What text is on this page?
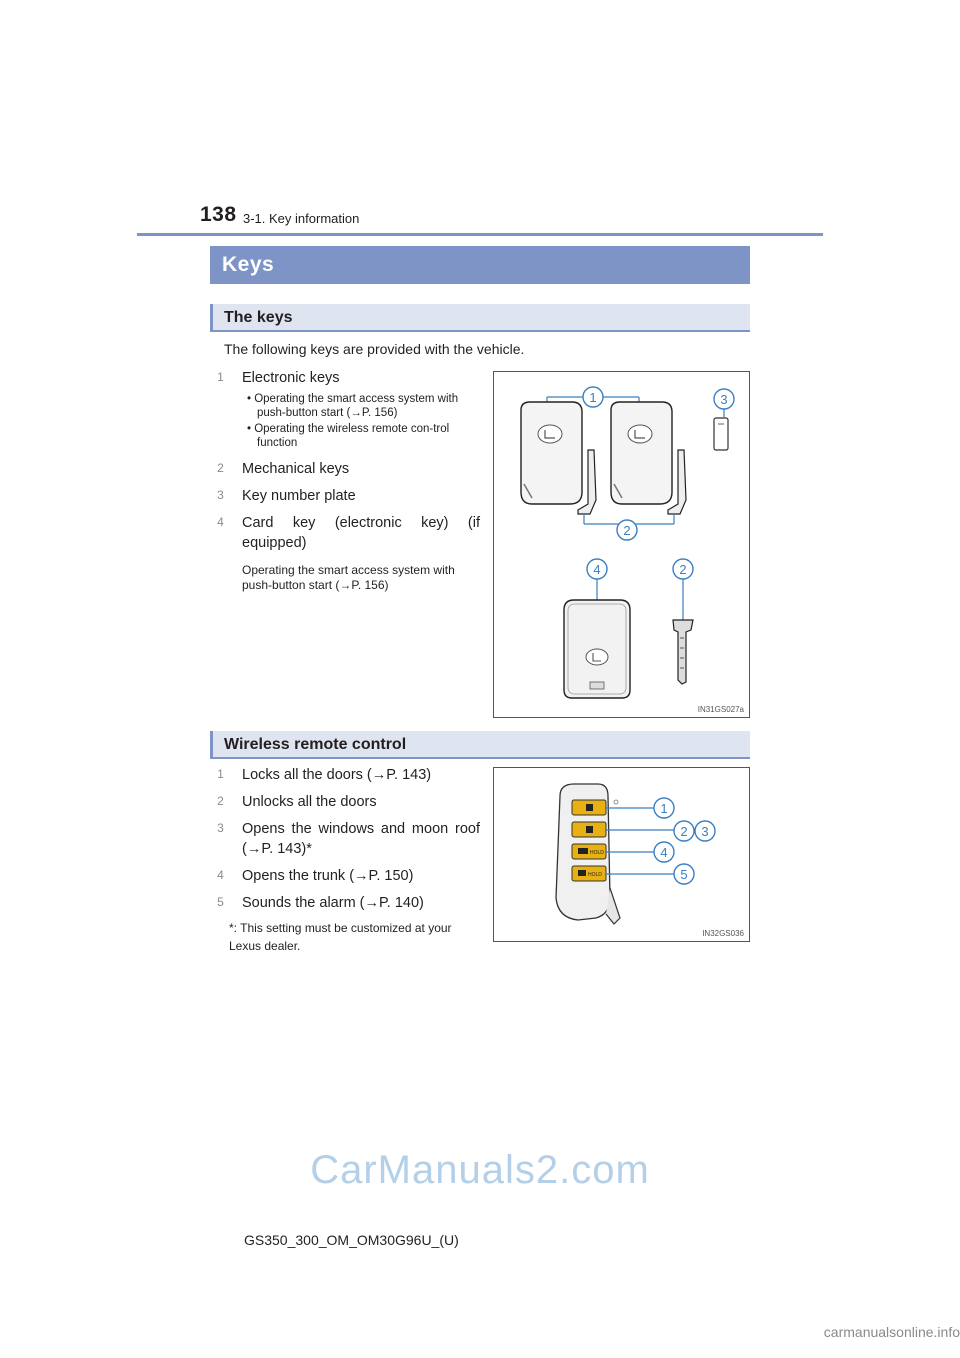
138 3-1. Key information
Keys
The keys
The following keys are provided with the vehicle.
1 Electronic keys
• Operating the smart access system with push-button start (→P. 156)
• Operating the wireless remote con-trol function
2 Mechanical keys
3 Key number plate
4 Card key (electronic key) (if equipped)
Operating the smart access system with push-button start (→P. 156)
1
2
3
4	2
IN31GS027a
Wireless remote control
1 Locks all the doors (→P. 143)
2 Unlocks all the doors
3 Opens the windows and moon roof (→P. 143)*
4 Opens the trunk (→P. 150)
5 Sounds the alarm (→P. 140)
*: This setting must be customized at your Lexus dealer.
HOLD
HOLD
1
2 3
4
5
IN32GS036
CarManuals2.com
GS350_300_OM_OM30G96U_(U)
carmanualsonline.info
